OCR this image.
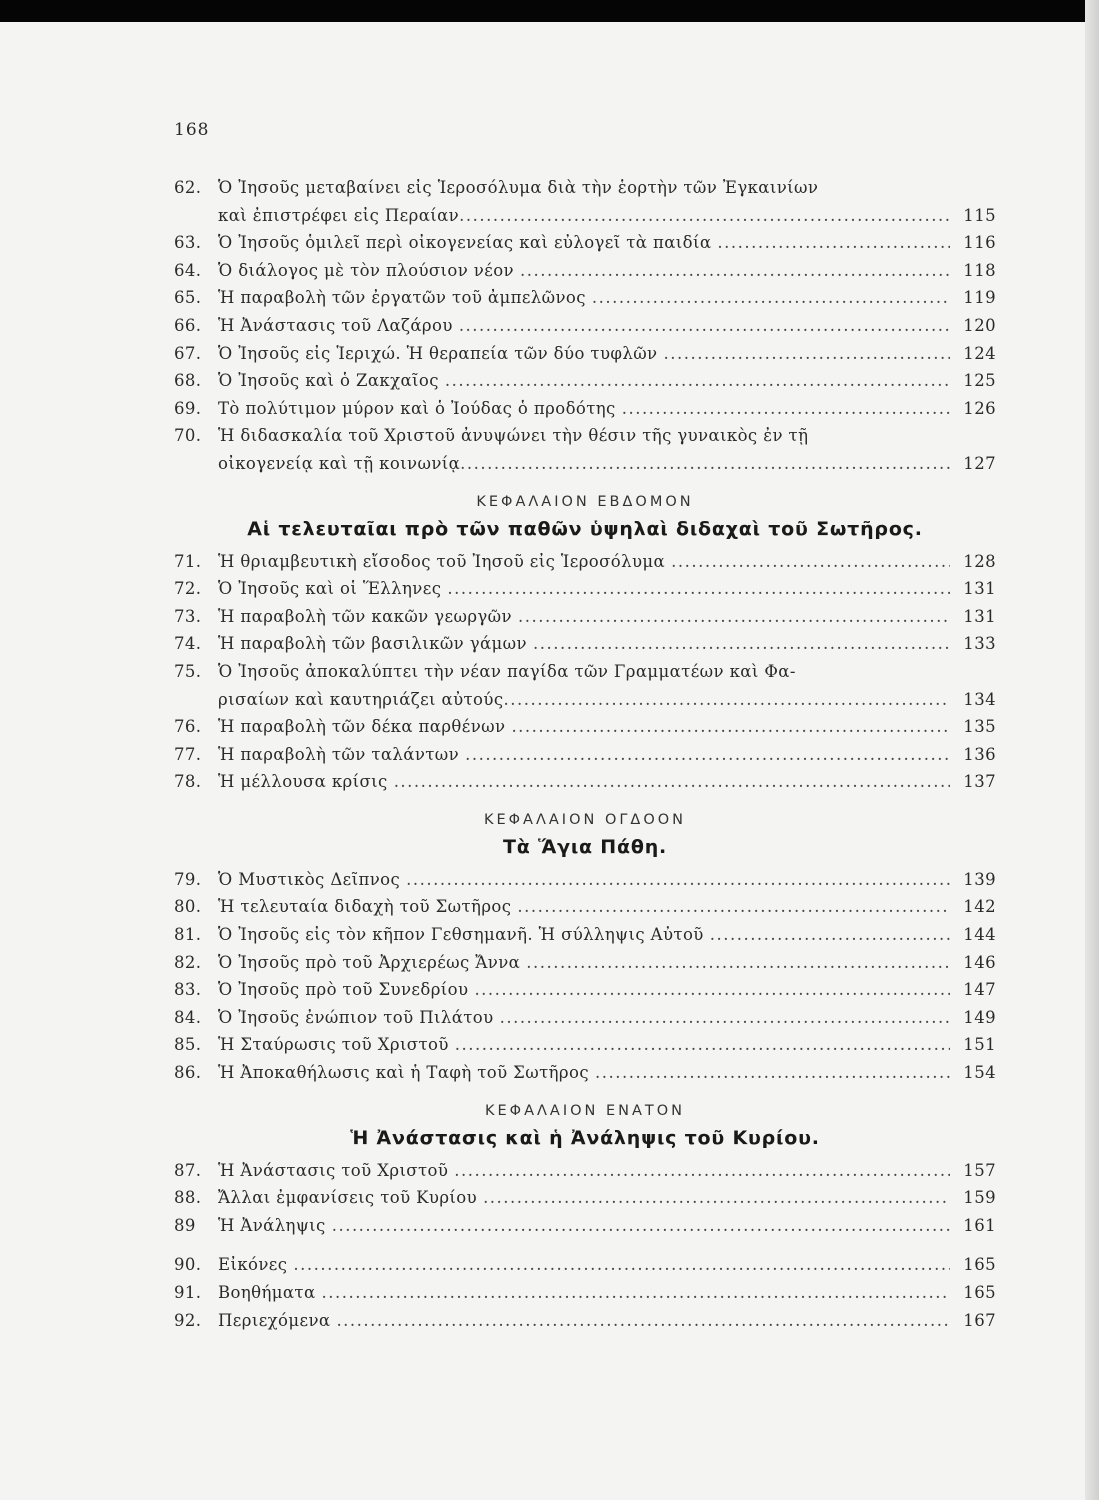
168
62.	Ὁ Ἰησοῦς μεταβαίνει εἰς Ἱεροσόλυμα διὰ τὴν ἑορτὴν τῶν Ἐγκαινίων
καὶ ἐπιστρέφει εἰς Περαίαν .....	115
63.	Ὁ Ἰησοῦς ὁμιλεῖ περὶ οἰκογενείας καὶ εὐλογεῖ τὰ παιδία .....	116
64.	Ὁ διάλογος μὲ τὸν πλούσιον νέον .....	118
65.	Ἡ παραβολὴ τῶν ἐργατῶν τοῦ ἀμπελῶνος .....	119
66.	Ἡ Ἀνάστασις τοῦ Λαζάρου .....	120
67.	Ὁ Ἰησοῦς εἰς Ἱεριχώ. Ἡ θεραπεία τῶν δύο τυφλῶν .....	124
68.	Ὁ Ἰησοῦς καὶ ὁ Ζακχαῖος .....	125
69.	Τὸ πολύτιμον μύρον καὶ ὁ Ἰούδας ὁ προδότης .....	126
70.	Ἡ διδασκαλία τοῦ Χριστοῦ ἀνυψώνει τὴν θέσιν τῆς γυναικὸς ἐν τῇ
οἰκογενείᾳ καὶ τῇ κοινωνίᾳ .....	127
ΚΕΦΑΛΑΙΟΝ ΕΒΔΟΜΟΝ
Αἱ τελευταῖαι πρὸ τῶν παθῶν ὑψηλαὶ διδαχαὶ τοῦ Σωτῆρος.
71.	Ἡ θριαμβευτικὴ εἴσοδος τοῦ Ἰησοῦ εἰς Ἱεροσόλυμα .....	128
72.	Ὁ Ἰησοῦς καὶ οἱ Ἕλληνες .....	131
73.	Ἡ παραβολὴ τῶν κακῶν γεωργῶν .....	131
74.	Ἡ παραβολὴ τῶν βασιλικῶν γάμων .....	133
75.	Ὁ Ἰησοῦς ἀποκαλύπτει τὴν νέαν παγίδα τῶν Γραμματέων καὶ Φα-
ρισαίων καὶ καυτηριάζει αὐτούς .....	134
76.	Ἡ παραβολὴ τῶν δέκα παρθένων .....	135
77.	Ἡ παραβολὴ τῶν ταλάντων .....	136
78.	Ἡ μέλλουσα κρίσις .....	137
ΚΕΦΑΛΑΙΟΝ ΟΓΔΟΟΝ
Τὰ Ἅγια Πάθη.
79.	Ὁ Μυστικὸς Δεῖπνος .....	139
80.	Ἡ τελευταία διδαχὴ τοῦ Σωτῆρος .....	142
81.	Ὁ Ἰησοῦς εἰς τὸν κῆπον Γεθσημανῆ. Ἡ σύλληψις Αὐτοῦ .....	144
82.	Ὁ Ἰησοῦς πρὸ τοῦ Ἀρχιερέως Ἄννα .....	146
83.	Ὁ Ἰησοῦς πρὸ τοῦ Συνεδρίου .....	147
84.	Ὁ Ἰησοῦς ἐνώπιον τοῦ Πιλάτου .....	149
85.	Ἡ Σταύρωσις τοῦ Χριστοῦ .....	151
86.	Ἡ Ἀποκαθήλωσις καὶ ἡ Ταφὴ τοῦ Σωτῆρος .....	154
ΚΕΦΑΛΑΙΟΝ ΕΝΑΤΟΝ
Ἡ Ἀνάστασις καὶ ἡ Ἀνάληψις τοῦ Κυρίου.
87.	Ἡ Ἀνάστασις τοῦ Χριστοῦ .....	157
88.	Ἄλλαι ἐμφανίσεις τοῦ Κυρίου .....	159
89	Ἡ Ἀνάληψις .....	161
90.	Εἰκόνες .....	165
91.	Βοηθήματα .....	165
92.	Περιεχόμενα .....	167
